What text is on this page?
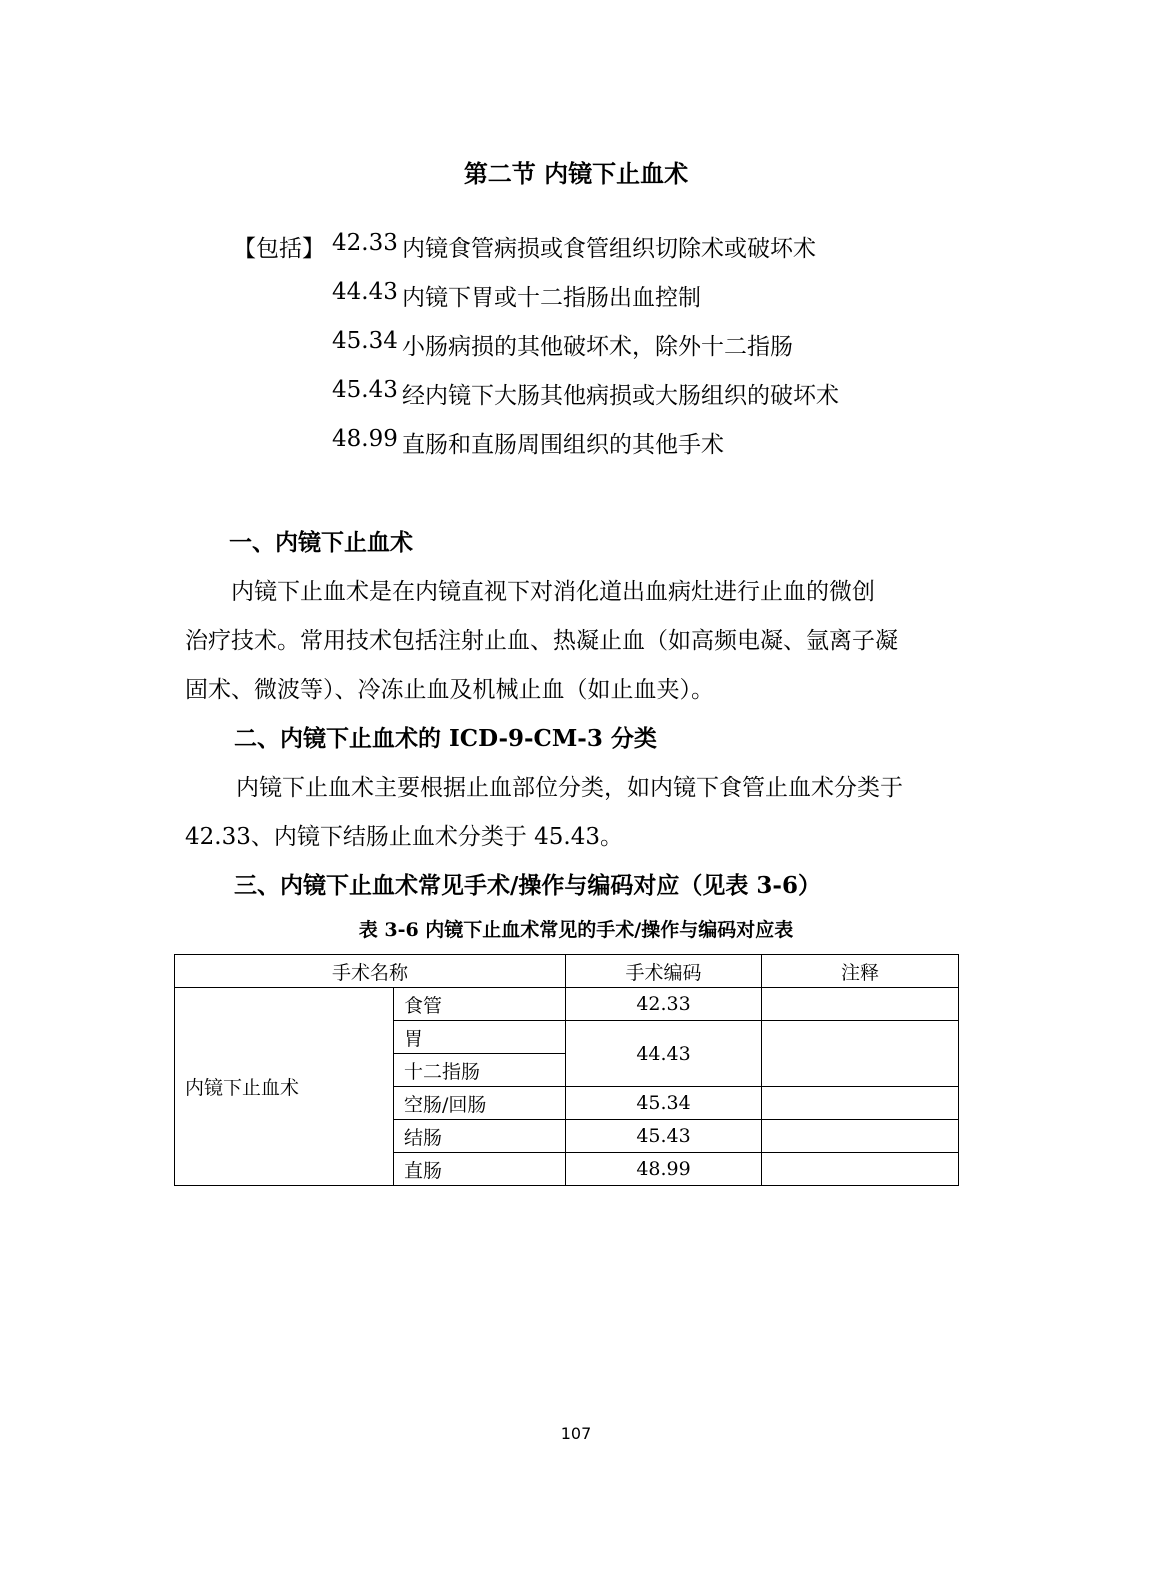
第二节 内镜下止血术
【包括】 42.33 内镜食管病损或食管组织切除术或破坏术
44.43 内镜下胃或十二指肠出血控制
45.34 小肠病损的其他破坏术，除外十二指肠
45.43 经内镜下大肠其他病损或大肠组织的破坏术
48.99 直肠和直肠周围组织的其他手术
一、内镜下止血术
内镜下止血术是在内镜直视下对消化道出血病灶进行止血的微创
治疗技术。常用技术包括注射止血、热凝止血（如高频电凝、氩离子凝
固术、微波等）、冷冻止血及机械止血（如止血夹）。
二、内镜下止血术的 ICD-9-CM-3 分类
内镜下止血术主要根据止血部位分类，如内镜下食管止血术分类于
42.33、内镜下结肠止血术分类于 45.43。
三、内镜下止血术常见手术/操作与编码对应（见表 3-6）
表 3-6 内镜下止血术常见的手术/操作与编码对应表
手术名称		手术编码	注释
内镜下止血术	食管	42.33	
	胃	44.43	
	十二指肠		
	空肠/回肠	45.34	
	结肠	45.43	
	直肠	48.99	
107
